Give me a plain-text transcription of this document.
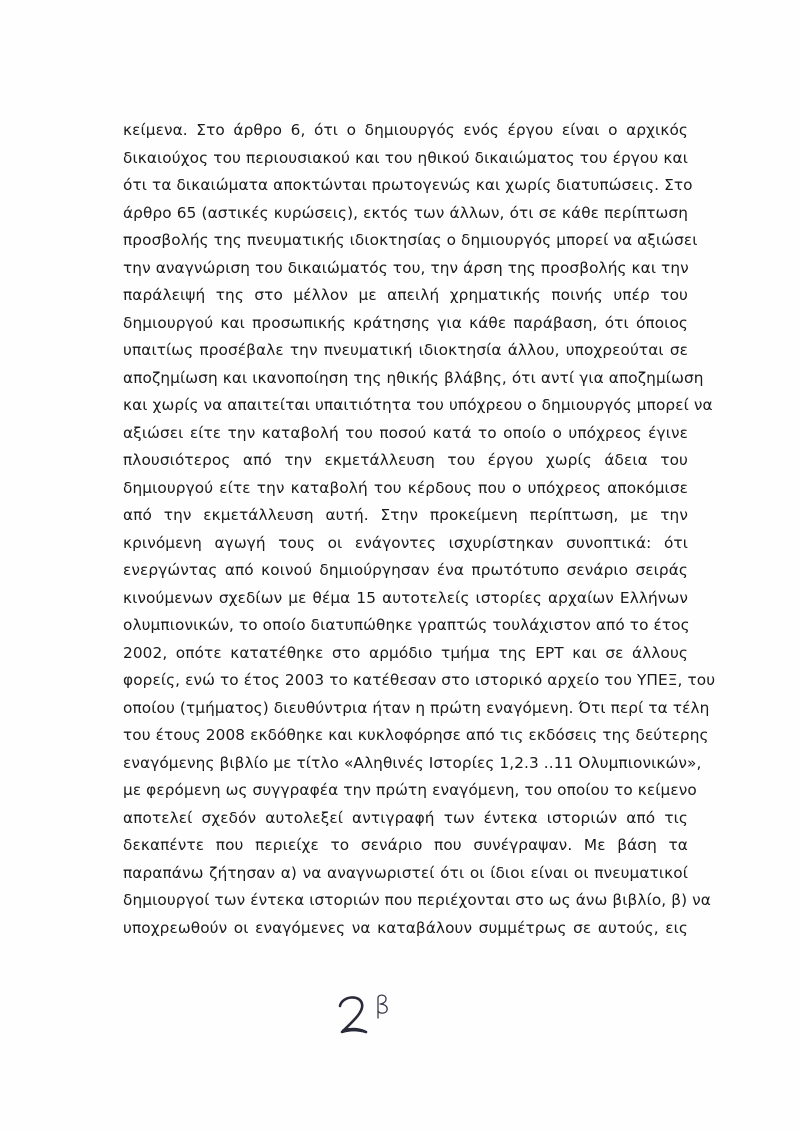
κείμενα. Στο άρθρο 6, ότι ο δημιουργός ενός έργου είναι ο αρχικός
δικαιούχος του περιουσιακού και του ηθικού δικαιώματος του έργου και
ότι τα δικαιώματα αποκτώνται πρωτογενώς και χωρίς διατυπώσεις. Στο
άρθρο 65 (αστικές κυρώσεις), εκτός των άλλων, ότι σε κάθε περίπτωση
προσβολής της πνευματικής ιδιοκτησίας ο δημιουργός μπορεί να αξιώσει
την αναγνώριση του δικαιώματός του, την άρση της προσβολής και την
παράλειψή της στο μέλλον με απειλή χρηματικής ποινής υπέρ του
δημιουργού και προσωπικής κράτησης για κάθε παράβαση, ότι όποιος
υπαιτίως προσέβαλε την πνευματική ιδιοκτησία άλλου, υποχρεούται σε
αποζημίωση και ικανοποίηση της ηθικής βλάβης, ότι αντί για αποζημίωση
και χωρίς να απαιτείται υπαιτιότητα του υπόχρεου ο δημιουργός μπορεί να
αξιώσει είτε την καταβολή του ποσού κατά το οποίο ο υπόχρεος έγινε
πλουσιότερος από την εκμετάλλευση του έργου χωρίς άδεια του
δημιουργού είτε την καταβολή του κέρδους που ο υπόχρεος αποκόμισε
από την εκμετάλλευση αυτή. Στην προκείμενη περίπτωση, με την
κρινόμενη αγωγή τους οι ενάγοντες ισχυρίστηκαν συνοπτικά: ότι
ενεργώντας από κοινού δημιούργησαν ένα πρωτότυπο σενάριο σειράς
κινούμενων σχεδίων με θέμα 15 αυτοτελείς ιστορίες αρχαίων Ελλήνων
ολυμπιονικών, το οποίο διατυπώθηκε γραπτώς τουλάχιστον από το έτος
2002, οπότε κατατέθηκε στο αρμόδιο τμήμα της ΕΡΤ και σε άλλους
φορείς, ενώ το έτος 2003 το κατέθεσαν στο ιστορικό αρχείο του ΥΠΕΞ, του
οποίου (τμήματος) διευθύντρια ήταν η πρώτη εναγόμενη. Ότι περί τα τέλη
του έτους 2008 εκδόθηκε και κυκλοφόρησε από τις εκδόσεις της δεύτερης
εναγόμενης βιβλίο με τίτλο «Αληθινές Ιστορίες 1,2.3 ..11 Ολυμπιονικών»,
με φερόμενη ως συγγραφέα την πρώτη εναγόμενη, του οποίου το κείμενο
αποτελεί σχεδόν αυτολεξεί αντιγραφή των έντεκα ιστοριών από τις
δεκαπέντε που περιείχε το σενάριο που συνέγραψαν. Με βάση τα
παραπάνω ζήτησαν α) να αναγνωριστεί ότι οι ίδιοι είναι οι πνευματικοί
δημιουργοί των έντεκα ιστοριών που περιέχονται στο ως άνω βιβλίο, β) να
υποχρεωθούν οι εναγόμενες να καταβάλουν συμμέτρως σε αυτούς, εις
